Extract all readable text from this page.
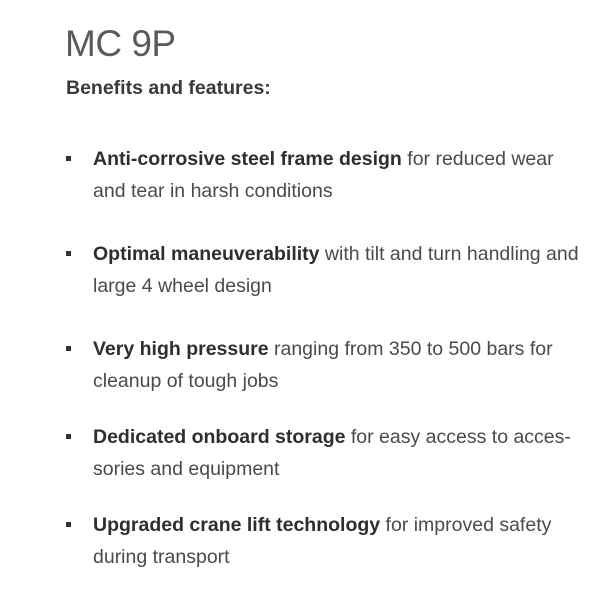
MC 9P
Benefits and features:
Anti-corrosive steel frame design for reduced wear and tear in harsh conditions
Optimal maneuverability with tilt and turn handling and large 4 wheel design
Very high pressure ranging from 350 to 500 bars for cleanup of tough jobs
Dedicated onboard storage for easy access to acces-sories and equipment
Upgraded crane lift technology for improved safety during transport
